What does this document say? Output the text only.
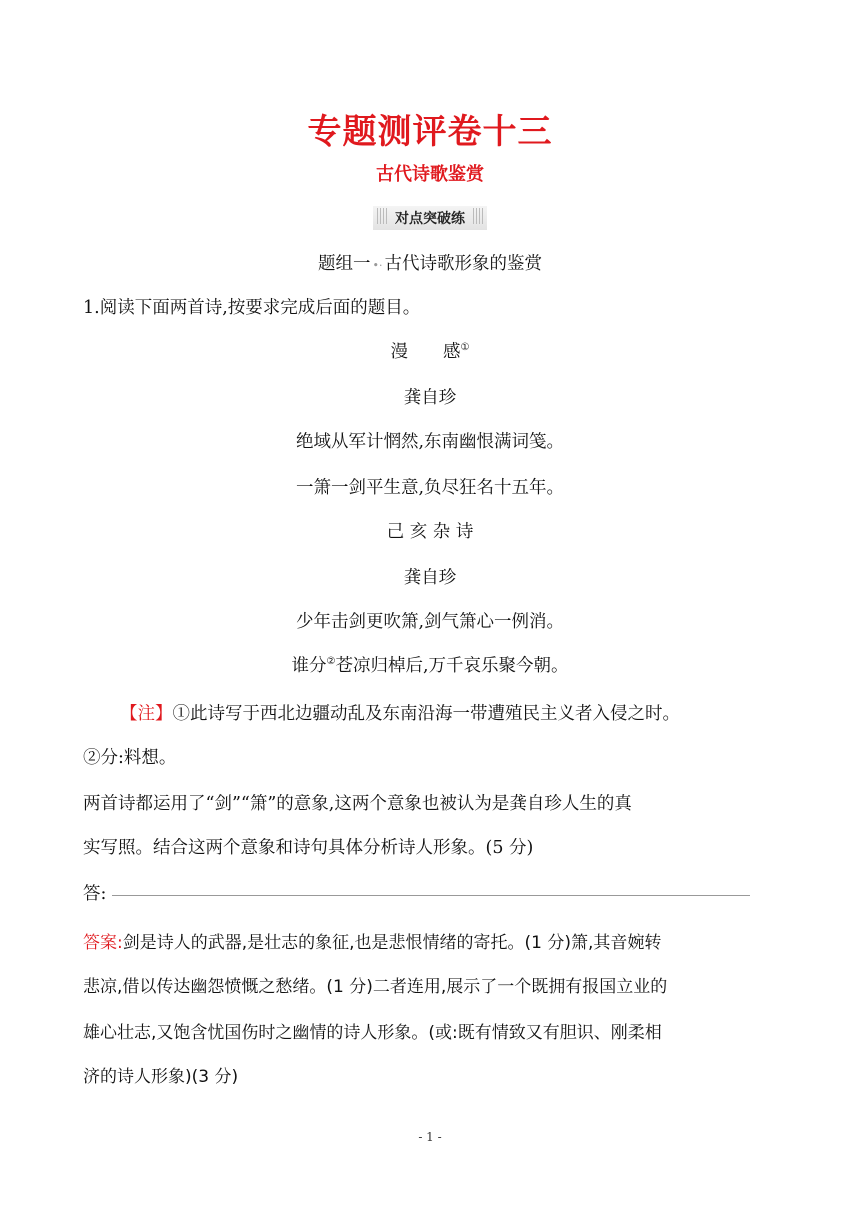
专题测评卷十三
古代诗歌鉴赏
对点突破练
题组一 •· 古代诗歌形象的鉴赏
1.阅读下面两首诗,按要求完成后面的题目。
漫　　感①
龚自珍
绝域从军计惘然,东南幽恨满词笺。
一箫一剑平生意,负尽狂名十五年。
己 亥 杂 诗
龚自珍
少年击剑更吹箫,剑气箫心一例消。
谁分②苍凉归棹后,万千哀乐聚今朝。
【注】①此诗写于西北边疆动乱及东南沿海一带遭殖民主义者入侵之时。
②分:料想。
两首诗都运用了“剑”“箫”的意象,这两个意象也被认为是龚自珍人生的真
实写照。结合这两个意象和诗句具体分析诗人形象。(5 分)
答:
答案:剑是诗人的武器,是壮志的象征,也是悲恨情绪的寄托。(1 分)箫,其音婉转
悲凉,借以传达幽怨愤慨之愁绪。(1 分)二者连用,展示了一个既拥有报国立业的
雄心壮志,又饱含忧国伤时之幽情的诗人形象。(或:既有情致又有胆识、刚柔相
济的诗人形象)(3 分)
- 1 -
